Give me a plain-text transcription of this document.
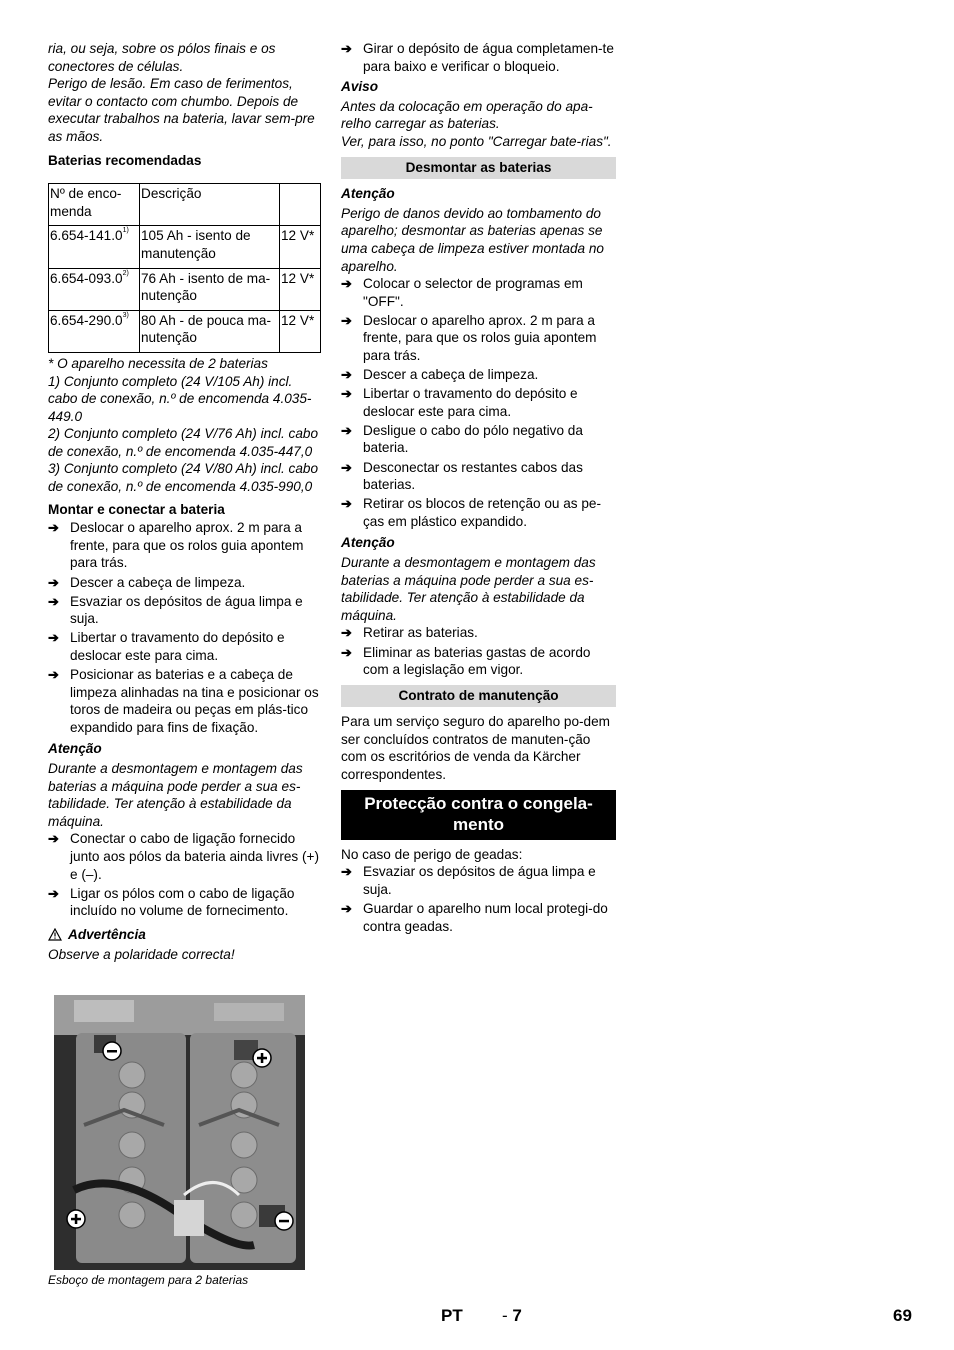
ria, ou seja, sobre os pólos finais e os conectores de células.
Perigo de lesão. Em caso de ferimentos, evitar o contacto com chumbo. Depois de executar trabalhos na bateria, lavar sem-pre as mãos.

Baterias recomendadas

Nº de enco-menda	Descrição	
6.654-141.0$^{1)}$	105 Ah - isento de manutenção	12 V*
6.654-093.0$^{2)}$	76 Ah - isento de ma-nutenção	12 V*
6.654-290.0$^{3)}$	80 Ah - de pouca ma-nutenção	12 V*

* O aparelho necessita de 2 baterias

1) Conjunto completo (24 V/105 Ah) incl. cabo de conexão, n.º de encomenda 4.035-449.0

2) Conjunto completo (24 V/76 Ah) incl. cabo de conexão, n.º de encomenda 4.035-447,0

3) Conjunto completo (24 V/80 Ah) incl. cabo de conexão, n.º de encomenda 4.035-990,0

Montar e conectar a bateria

➔ Deslocar o aparelho aprox. 2 m para a frente, para que os rolos guia apontem para trás.
➔ Descer a cabeça de limpeza.
➔ Esvaziar os depósitos de água limpa e suja.
➔ Libertar o travamento do depósito e deslocar este para cima.
➔ Posicionar as baterias e a cabeça de limpeza alinhadas na tina e posicionar os toros de madeira ou peças em plás-tico expandido para fins de fixação.

Atenção

Durante a desmontagem e montagem das baterias a máquina pode perder a sua es-tabilidade. Ter atenção à estabilidade da máquina.

➔ Conectar o cabo de ligação fornecido junto aos pólos da bateria ainda livres (+) e (–).
➔ Ligar os pólos com o cabo de ligação incluído no volume de fornecimento.
Advertência

Observe a polaridade correcta!

Esboço de montagem para 2 baterias

➔ Girar o depósito de água completamen-te para baixo e verificar o bloqueio.

Aviso

Antes da colocação em operação do apa-relho carregar as baterias.
Ver, para isso, no ponto "Carregar bate-rias".

Desmontar as baterias

Atenção

Perigo de danos devido ao tombamento do aparelho; desmontar as baterias apenas se uma cabeça de limpeza estiver montada no aparelho.

➔ Colocar o selector de programas em "OFF".
➔ Deslocar o aparelho aprox. 2 m para a frente, para que os rolos guia apontem para trás.
➔ Descer a cabeça de limpeza.
➔ Libertar o travamento do depósito e deslocar este para cima.
➔ Desligue o cabo do pólo negativo da bateria.
➔ Desconectar os restantes cabos das baterias.
➔ Retirar os blocos de retenção ou as pe-ças em plástico expandido.

Atenção

Durante a desmontagem e montagem das baterias a máquina pode perder a sua es-tabilidade. Ter atenção à estabilidade da máquina.

➔ Retirar as baterias.
➔ Eliminar as baterias gastas de acordo com a legislação em vigor.
Contrato de manutenção

Para um serviço seguro do aparelho po-dem ser concluídos contratos de manuten-ção com os escritórios de venda da Kärcher correspondentes.

Protecção contra o congela-mento

No caso de perigo de geadas:

➔ Esvaziar os depósitos de água limpa e suja.
➔ Guardar o aparelho num local protegi-do contra geadas.
PT - 7	69
